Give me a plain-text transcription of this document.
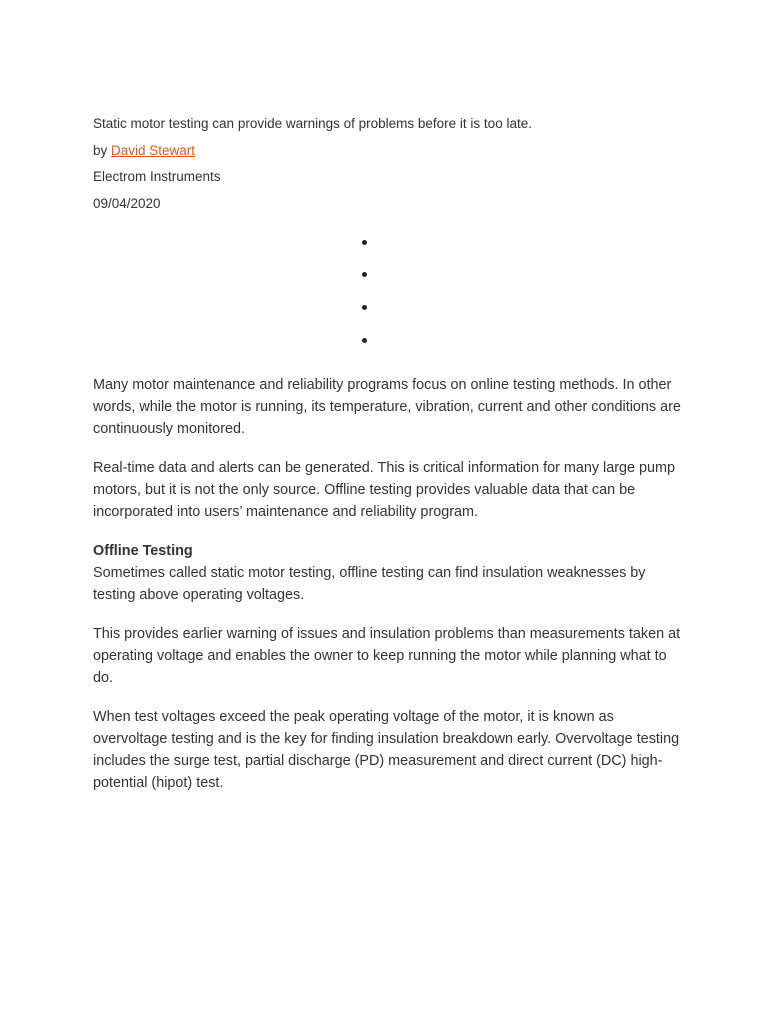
Static motor testing can provide warnings of problems before it is too late.
by David Stewart
Electrom Instruments
09/04/2020

Many motor maintenance and reliability programs focus on online testing methods. In other words, while the motor is running, its temperature, vibration, current and other conditions are continuously monitored.

Real-time data and alerts can be generated. This is critical information for many large pump motors, but it is not the only source. Offline testing provides valuable data that can be incorporated into users’ maintenance and reliability program.

Offline Testing

Sometimes called static motor testing, offline testing can find insulation weaknesses by testing above operating voltages.

This provides earlier warning of issues and insulation problems than measurements taken at operating voltage and enables the owner to keep running the motor while planning what to do.

When test voltages exceed the peak operating voltage of the motor, it is known as overvoltage testing and is the key for finding insulation breakdown early. Overvoltage testing includes the surge test, partial discharge (PD) measurement and direct current (DC) high-potential (hipot) test.
